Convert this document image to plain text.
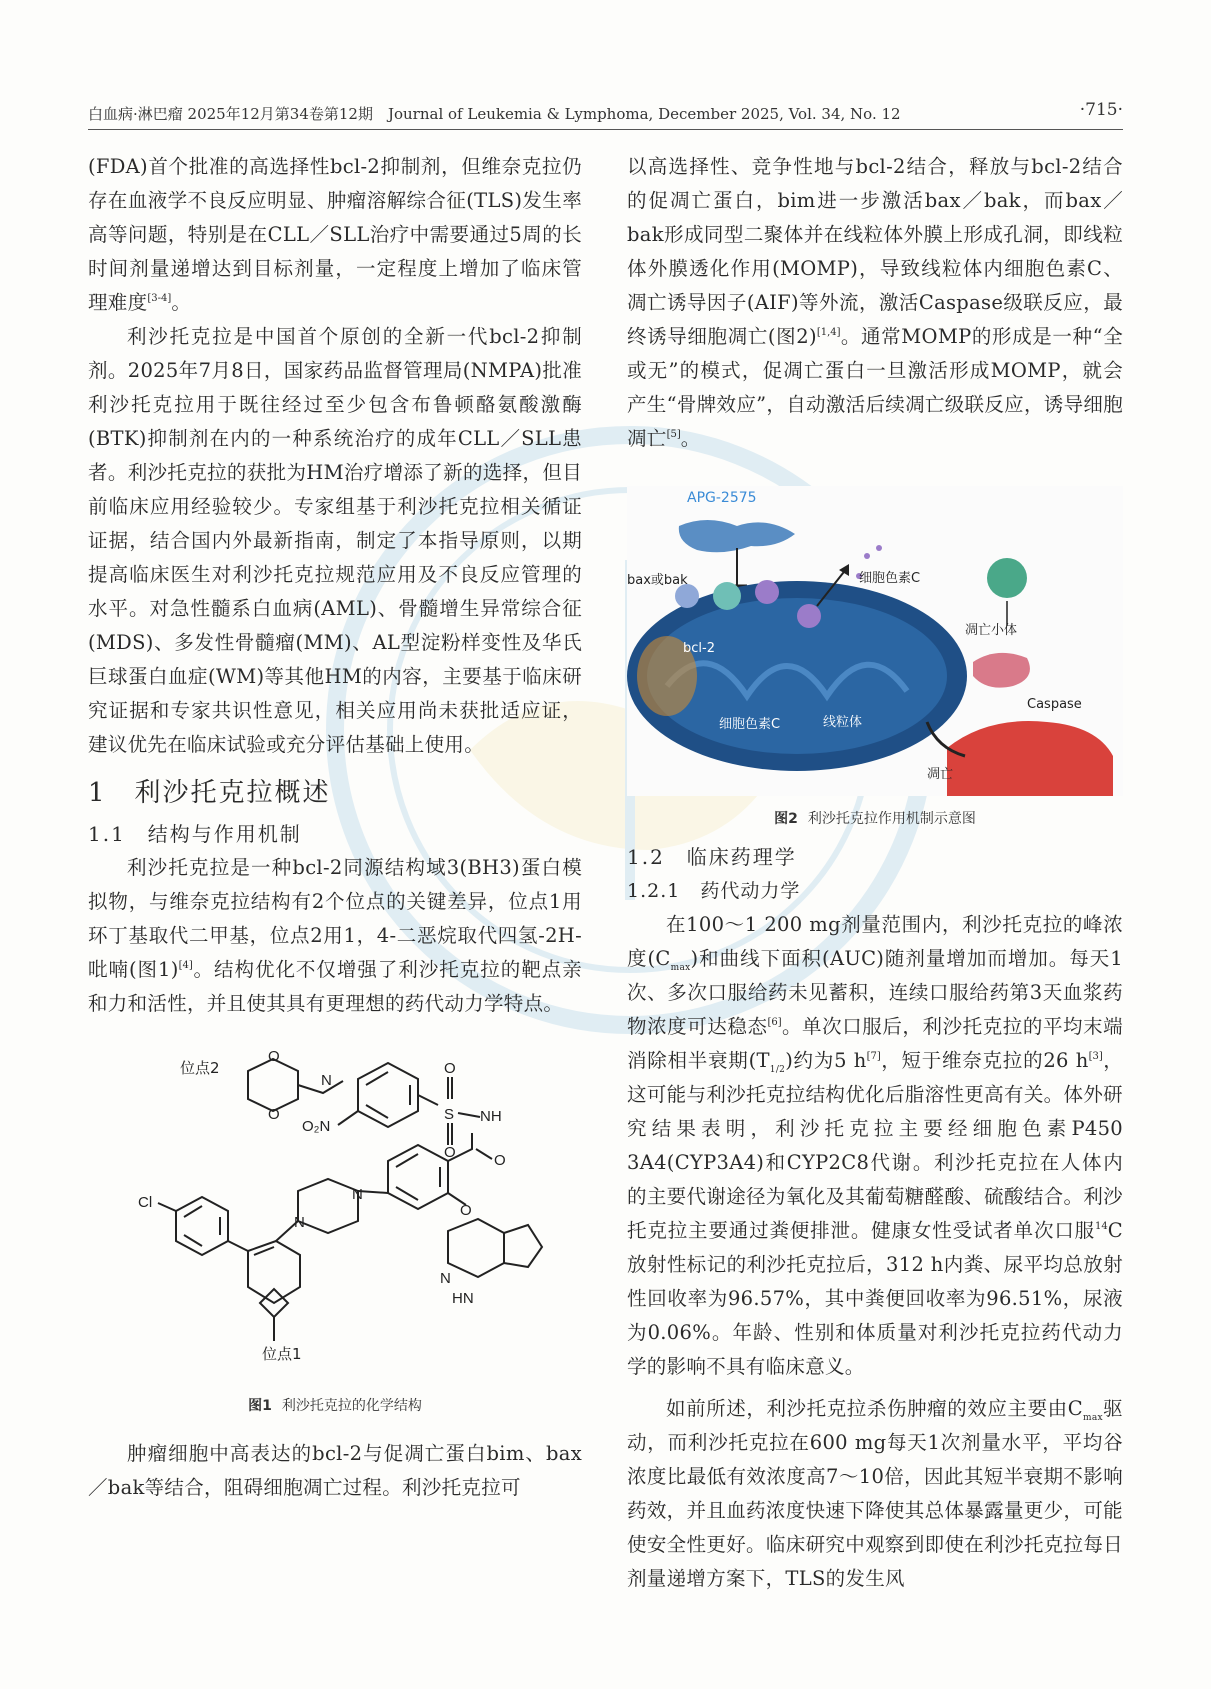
白血病·淋巴瘤 2025年12月第34卷第12期　Journal of Leukemia & Lymphoma, December 2025, Vol. 34, No. 12	·715·

(FDA)首个批准的高选择性bcl-2抑制剂，但维奈克拉仍存在血液学不良反应明显、肿瘤溶解综合征(TLS)发生率高等问题，特别是在CLL／SLL治疗中需要通过5周的长时间剂量递增达到目标剂量，一定程度上增加了临床管理难度[3-4]。

利沙托克拉是中国首个原创的全新一代bcl-2抑制剂。2025年7月8日，国家药品监督管理局(NMPA)批准利沙托克拉用于既往经过至少包含布鲁顿酪氨酸激酶(BTK)抑制剂在内的一种系统治疗的成年CLL／SLL患者。利沙托克拉的获批为HM治疗增添了新的选择，但目前临床应用经验较少。专家组基于利沙托克拉相关循证证据，结合国内外最新指南，制定了本指导原则，以期提高临床医生对利沙托克拉规范应用及不良反应管理的水平。对急性髓系白血病(AML)、骨髓增生异常综合征(MDS)、多发性骨髓瘤(MM)、AL型淀粉样变性及华氏巨球蛋白血症(WM)等其他HM的内容，主要基于临床研究证据和专家共识性意见，相关应用尚未获批适应证，建议优先在临床试验或充分评估基础上使用。

1　利沙托克拉概述
1.1　结构与作用机制

利沙托克拉是一种bcl-2同源结构域3(BH3)蛋白模拟物，与维奈克拉结构有2个位点的关键差异，位点1用环丁基取代二甲基，位点2用1，4-二恶烷取代四氢-2H-吡喃(图1)[4]。结构优化不仅增强了利沙托克拉的靶点亲和力和活性，并且使其具有更理想的药代动力学特点。

位点2
O
O
N
O₂N
O
S
O
NH
O
N
N
O
N
HN
Cl
位点1
图1 利沙托克拉的化学结构

肿瘤细胞中高表达的bcl-2与促凋亡蛋白bim、bax／bak等结合，阻碍细胞凋亡过程。利沙托克拉可

以高选择性、竞争性地与bcl-2结合，释放与bcl-2结合的促凋亡蛋白，bim进一步激活bax／bak，而bax／bak形成同型二聚体并在线粒体外膜上形成孔洞，即线粒体外膜透化作用(MOMP)，导致线粒体内细胞色素C、凋亡诱导因子(AIF)等外流，激活Caspase级联反应，最终诱导细胞凋亡(图2)[1,4]。通常MOMP的形成是一种“全或无”的模式，促凋亡蛋白一旦激活形成MOMP，就会产生“骨牌效应”，自动激活后续凋亡级联反应，诱导细胞凋亡[5]。

APG-2575
bax或bak
bcl-2
细胞色素C
细胞色素C	线粒体
凋亡小体
Caspase
凋亡
图2 利沙托克拉作用机制示意图
1.2　临床药理学
1.2.1　药代动力学

在100～1 200 mg剂量范围内，利沙托克拉的峰浓度$(C_{max})$和曲线下面积(AUC)随剂量增加而增加。每天1次、多次口服给药未见蓄积，连续口服给药第3天血浆药物浓度可达稳态[6]。单次口服后，利沙托克拉的平均末端消除相半衰期$(T_{1/2})$约为5 h[7]，短于维奈克拉的26 h[3]，这可能与利沙托克拉结构优化后脂溶性更高有关。体外研究结果表明，利沙托克拉主要经细胞色素P450 3A4(CYP3A4)和CYP2C8代谢。利沙托克拉在人体内的主要代谢途径为氧化及其葡萄糖醛酸、硫酸结合。利沙托克拉主要通过粪便排泄。健康女性受试者单次口服$^{14}$C放射性标记的利沙托克拉后，312 h内粪、尿平均总放射性回收率为96.57%，其中粪便回收率为96.51%，尿液为0.06%。年龄、性别和体质量对利沙托克拉药代动力学的影响不具有临床意义。

如前所述，利沙托克拉杀伤肿瘤的效应主要由$C_{max}$驱动，而利沙托克拉在600 mg每天1次剂量水平，平均谷浓度比最低有效浓度高7～10倍，因此其短半衰期不影响药效，并且血药浓度快速下降使其总体暴露量更少，可能使安全性更好。临床研究中观察到即使在利沙托克拉每日剂量递增方案下，TLS的发生风
